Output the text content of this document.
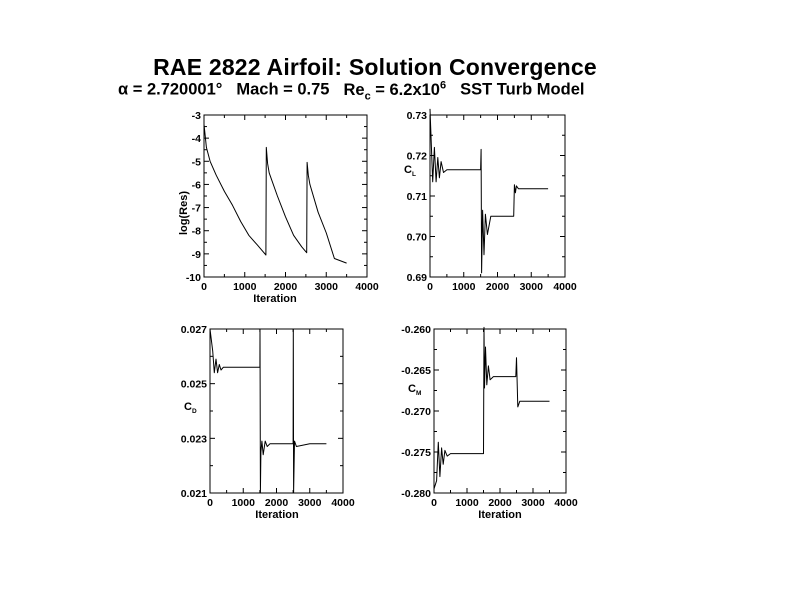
RAE 2822 Airfoil: Solution Convergence
α = 2.720001° Mach = 0.75 $Re_c = 6.2x10^6$ SST Turb Model
0 1000 2000 3000 4000
-10
-9
-8
-7
-6
-5
-4
-3
Iteration
log(Res)
0 1000 2000 3000 4000
0.69
0.70
0.71
0.72
0.73
$C_L$
0 1000 2000 3000 4000
0.021
0.023
0.025
0.027
Iteration
$C_D$
0 1000 2000 3000 4000
-0.280
-0.275
-0.270
-0.265
-0.260
Iteration
$C_M$
